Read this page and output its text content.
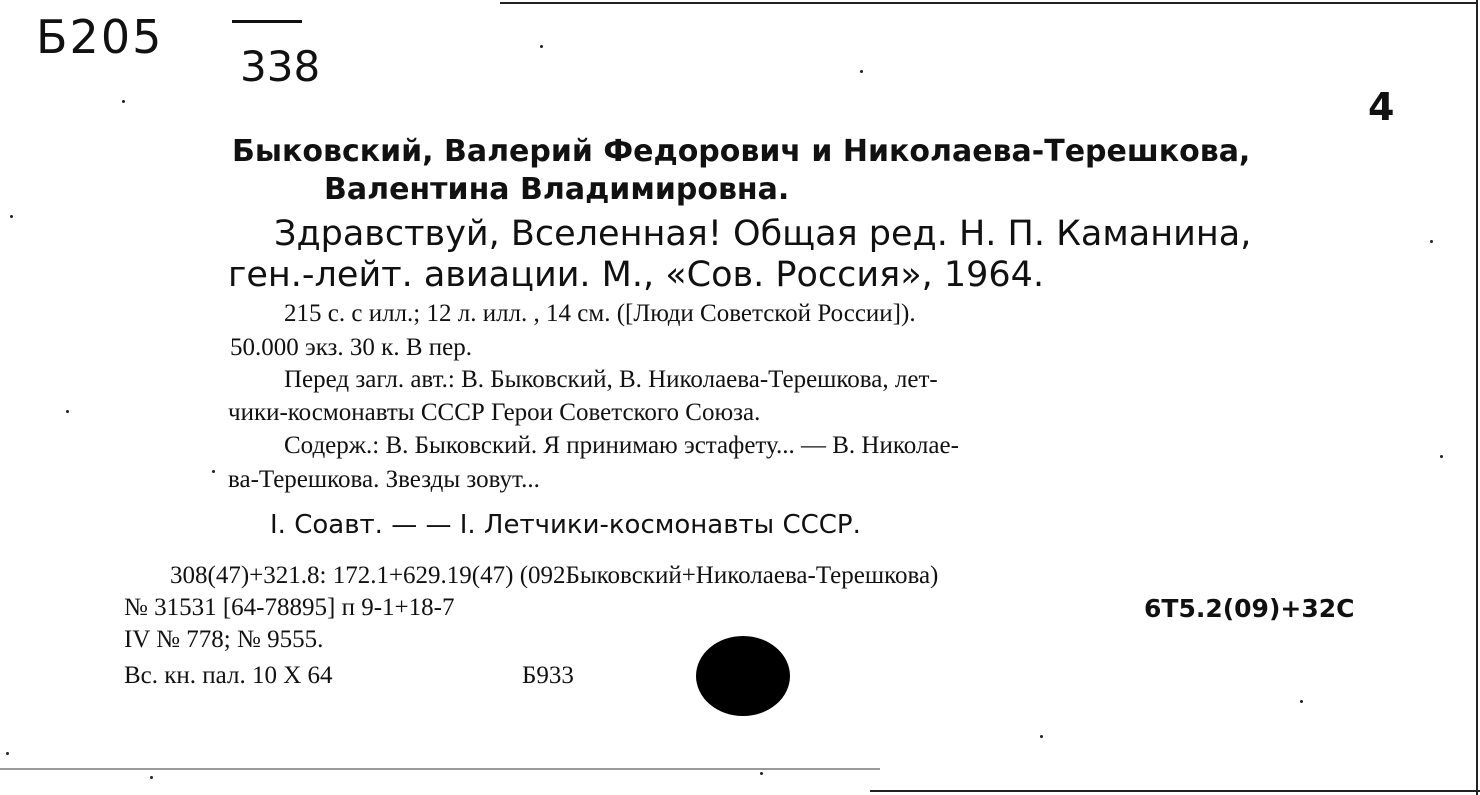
Б205
338
4
Быковский, Валерий Федорович и Николаева-Терешкова,
Валентина Владимировна.
Здравствуй, Вселенная! Общая ред. Н. П. Каманина,
ген.-лейт. авиации. М., «Сов. Россия», 1964.
215 с. с илл.; 12 л. илл. , 14 см. ([Люди Советской России]).
50.000 экз. 30 к. В пер.
Перед загл. авт.: В. Быковский, В. Николаева-Терешкова, лет-
чики-космонавты СССР Герои Советского Союза.
Содерж.: В. Быковский. Я принимаю эстафету... — В. Николае-
ва-Терешкова. Звезды зовут...
I. Соавт. — — I. Летчики-космонавты СССР.
308(47)+321.8: 172.1+629.19(47) (092Быковский+Николаева-Терешкова)
№ 31531 [64-78895] п 9-1+18-7	6Т5.2(09)+32С
IV № 778; № 9555.
Вс. кн. пал. 10 X 64	Б933
